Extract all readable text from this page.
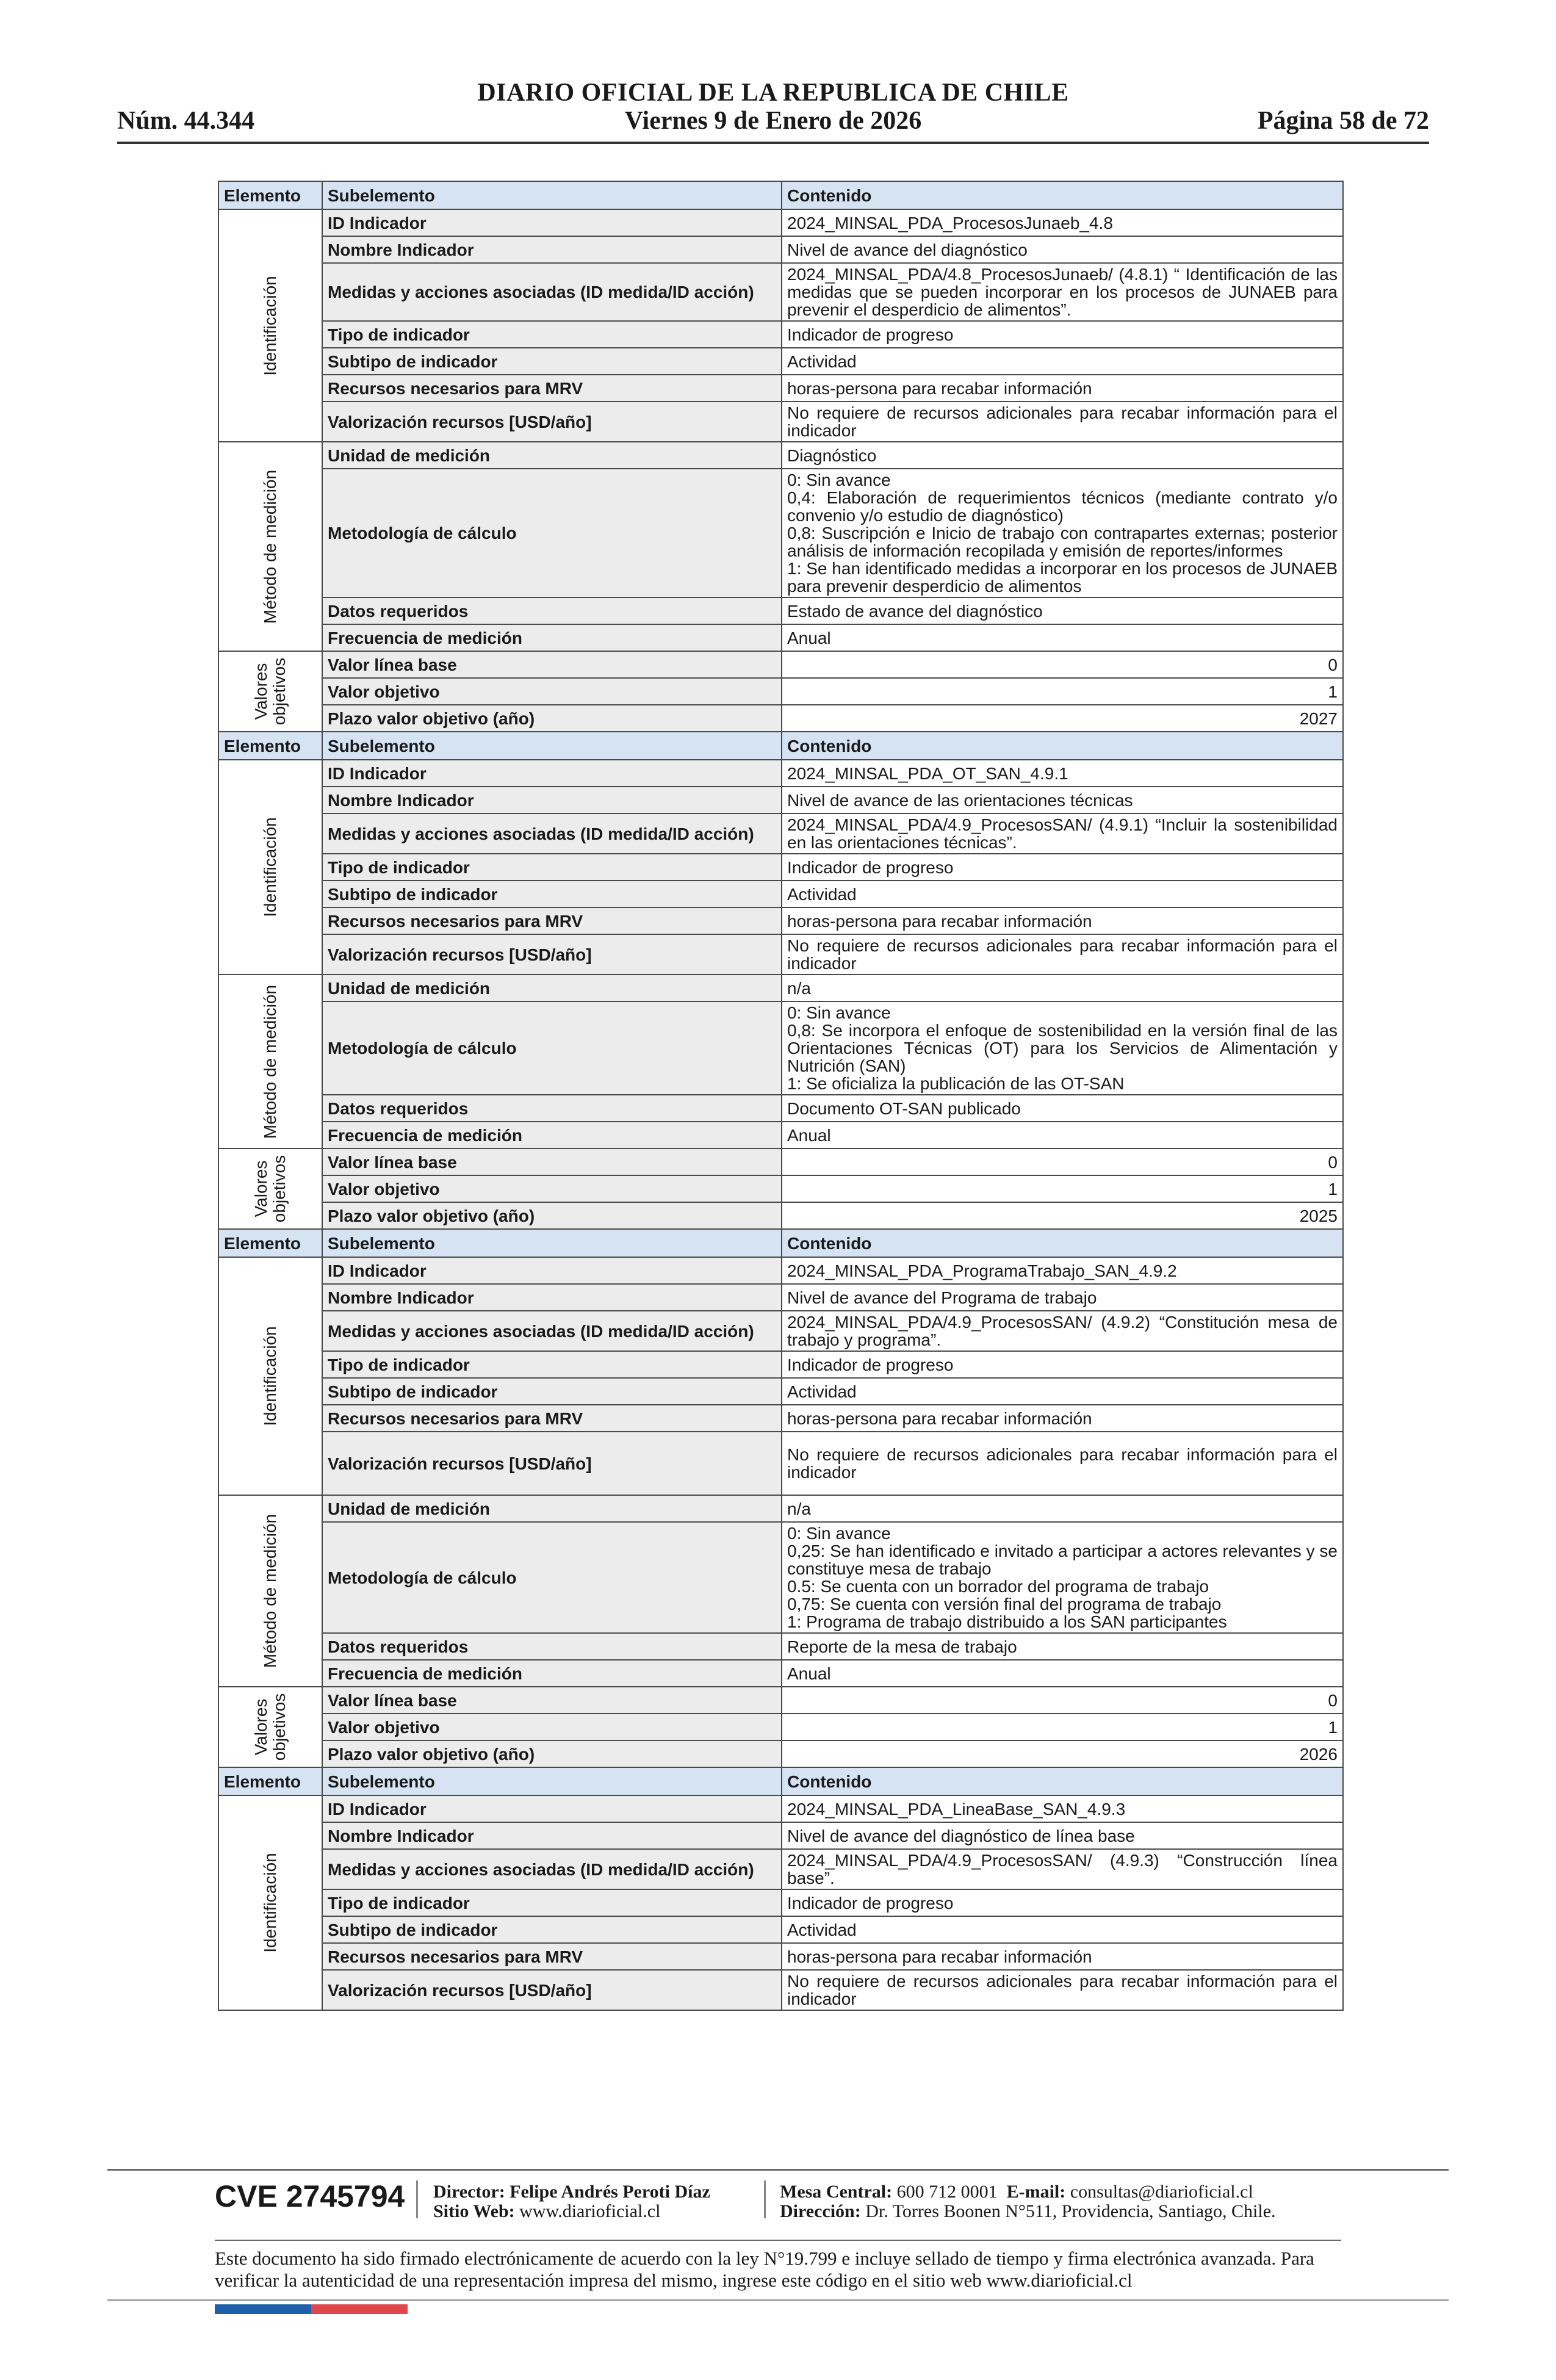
DIARIO OFICIAL DE LA REPUBLICA DE CHILE
Núm. 44.344	Viernes 9 de Enero de 2026	Página 58 de 72
Elemento	Subelemento	Contenido

Identificación	ID Indicador	2024_MINSAL_PDA_ProcesosJunaeb_4.8
	Nombre Indicador	Nivel de avance del diagnóstico
	Medidas y acciones asociadas (ID medida/ID acción)	2024_MINSAL_PDA/4.8_ProcesosJunaeb/ (4.8.1) “ Identificación de las medidas que se pueden incorporar en los procesos de JUNAEB para prevenir el desperdicio de alimentos”.
	Tipo de indicador	Indicador de progreso
	Subtipo de indicador	Actividad
	Recursos necesarios para MRV	horas-persona para recabar información
	Valorización recursos [USD/año]	No requiere de recursos adicionales para recabar información para el indicador

Método de medición	Unidad de medición	Diagnóstico
	Metodología de cálculo	0: Sin avance
0,4: Elaboración de requerimientos técnicos (mediante contrato y/o convenio y/o estudio de diagnóstico)
0,8: Suscripción e Inicio de trabajo con contrapartes externas; posterior análisis de información recopilada y emisión de reportes/informes
1: Se han identificado medidas a incorporar en los procesos de JUNAEB para prevenir desperdicio de alimentos
	Datos requeridos	Estado de avance del diagnóstico
	Frecuencia de medición	Anual

Valores objetivos	Valor línea base	0
	Valor objetivo	1
	Plazo valor objetivo (año)	2027
Elemento	Subelemento	Contenido

Identificación	ID Indicador	2024_MINSAL_PDA_OT_SAN_4.9.1
	Nombre Indicador	Nivel de avance de las orientaciones técnicas
	Medidas y acciones asociadas (ID medida/ID acción)	2024_MINSAL_PDA/4.9_ProcesosSAN/ (4.9.1) “Incluir la sostenibilidad en las orientaciones técnicas”.
	Tipo de indicador	Indicador de progreso
	Subtipo de indicador	Actividad
	Recursos necesarios para MRV	horas-persona para recabar información
	Valorización recursos [USD/año]	No requiere de recursos adicionales para recabar información para el indicador

Método de medición	Unidad de medición	n/a
	Metodología de cálculo	0: Sin avance
0,8: Se incorpora el enfoque de sostenibilidad en la versión final de las Orientaciones Técnicas (OT) para los Servicios de Alimentación y Nutrición (SAN)
1: Se oficializa la publicación de las OT-SAN
	Datos requeridos	Documento OT-SAN publicado
	Frecuencia de medición	Anual

Valores objetivos	Valor línea base	0
	Valor objetivo	1
	Plazo valor objetivo (año)	2025
Elemento	Subelemento	Contenido

Identificación	ID Indicador	2024_MINSAL_PDA_ProgramaTrabajo_SAN_4.9.2
	Nombre Indicador	Nivel de avance del Programa de trabajo
	Medidas y acciones asociadas (ID medida/ID acción)	2024_MINSAL_PDA/4.9_ProcesosSAN/ (4.9.2) “Constitución mesa de trabajo y programa”.
	Tipo de indicador	Indicador de progreso
	Subtipo de indicador	Actividad
	Recursos necesarios para MRV	horas-persona para recabar información
	Valorización recursos [USD/año]	No requiere de recursos adicionales para recabar información para el indicador

Método de medición	Unidad de medición	n/a
	Metodología de cálculo	0: Sin avance
0,25: Se han identificado e invitado a participar a actores relevantes y se constituye mesa de trabajo
0.5: Se cuenta con un borrador del programa de trabajo
0,75: Se cuenta con versión final del programa de trabajo
1: Programa de trabajo distribuido a los SAN participantes
	Datos requeridos	Reporte de la mesa de trabajo
	Frecuencia de medición	Anual

Valores objetivos	Valor línea base	0
	Valor objetivo	1
	Plazo valor objetivo (año)	2026
Elemento	Subelemento	Contenido

Identificación	ID Indicador	2024_MINSAL_PDA_LineaBase_SAN_4.9.3
	Nombre Indicador	Nivel de avance del diagnóstico de línea base
	Medidas y acciones asociadas (ID medida/ID acción)	2024_MINSAL_PDA/4.9_ProcesosSAN/ (4.9.3) “Construcción línea base”.
	Tipo de indicador	Indicador de progreso
	Subtipo de indicador	Actividad
	Recursos necesarios para MRV	horas-persona para recabar información
	Valorización recursos [USD/año]	No requiere de recursos adicionales para recabar información para el indicador
CVE 2745794 Director: Felipe Andrés Peroti Díaz
Sitio Web: www.diarioficial.cl
Mesa Central: 600 712 0001 E-mail: consultas@diarioficial.cl
Dirección: Dr. Torres Boonen N°511, Providencia, Santiago, Chile.
Este documento ha sido firmado electrónicamente de acuerdo con la ley N°19.799 e incluye sellado de tiempo y firma electrónica avanzada. Para verificar la autenticidad de una representación impresa del mismo, ingrese este código en el sitio web www.diarioficial.cl
